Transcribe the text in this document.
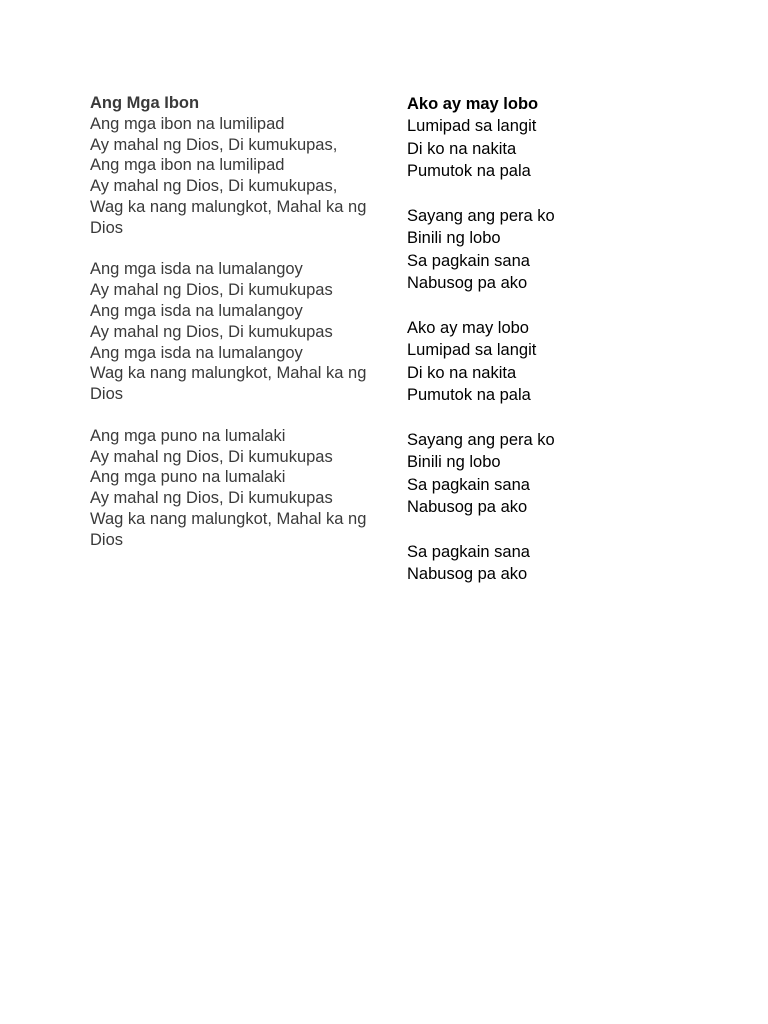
Ang Mga Ibon
Ang mga ibon na lumilipad
Ay mahal ng Dios, Di kumukupas,
Ang mga ibon na lumilipad
Ay mahal ng Dios, Di kumukupas,
Wag ka nang malungkot, Mahal ka ng Dios
Ang mga isda na lumalangoy
Ay mahal ng Dios, Di kumukupas
Ang mga isda na lumalangoy
Ay mahal ng Dios, Di kumukupas
Ang mga isda na lumalangoy
Wag ka nang malungkot, Mahal ka ng Dios
Ang mga puno na lumalaki
Ay mahal ng Dios, Di kumukupas
Ang mga puno na lumalaki
Ay mahal ng Dios, Di kumukupas
Wag ka nang malungkot, Mahal ka ng Dios
Ako ay may lobo
Lumipad sa langit
Di ko na nakita
Pumutok na pala
Sayang ang pera ko
Binili ng lobo
Sa pagkain sana
Nabusog pa ako
Ako ay may lobo
Lumipad sa langit
Di ko na nakita
Pumutok na pala
Sayang ang pera ko
Binili ng lobo
Sa pagkain sana
Nabusog pa ako
Sa pagkain sana
Nabusog pa ako
